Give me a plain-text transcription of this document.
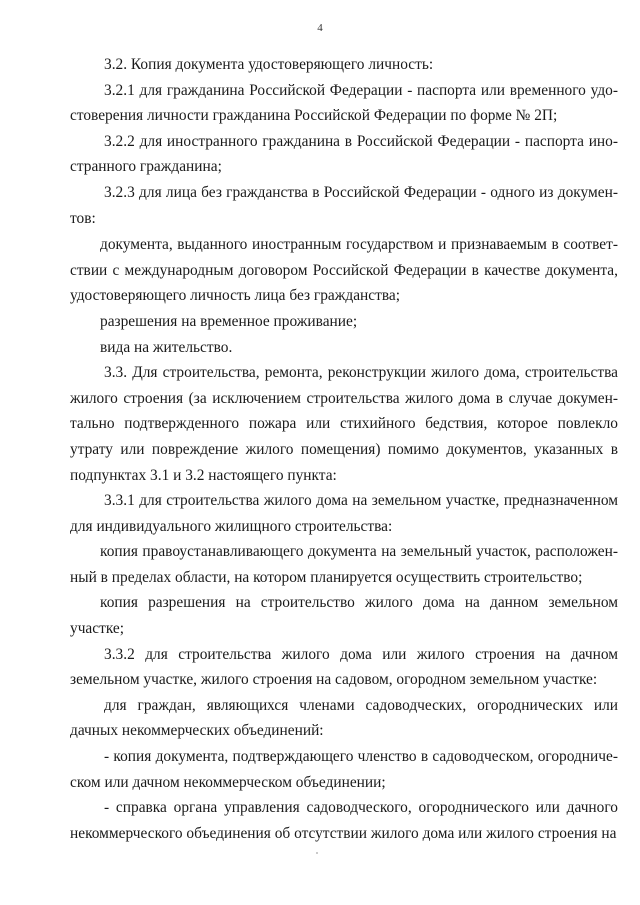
4

3.2. Копия документа удостоверяющего личность:

3.2.1 для гражданина Российской Федерации - паспорта или временного удостоверения личности гражданина Российской Федерации по форме № 2П;

3.2.2 для иностранного гражданина в Российской Федерации - паспорта иностранного гражданина;

3.2.3 для лица без гражданства в Российской Федерации - одного из документов:

документа, выданного иностранным государством и признаваемым в соответствии с международным договором Российской Федерации в качестве документа, удостоверяющего личность лица без гражданства;

разрешения на временное проживание;

вида на жительство.

3.3. Для строительства, ремонта, реконструкции жилого дома, строительства жилого строения (за исключением строительства жилого дома в случае документально подтвержденного пожара или стихийного бедствия, которое повлекло утрату или повреждение жилого помещения) помимо документов, указанных в подпунктах 3.1 и 3.2 настоящего пункта:

3.3.1 для строительства жилого дома на земельном участке, предназначенном для индивидуального жилищного строительства:

копия правоустанавливающего документа на земельный участок, расположенный в пределах области, на котором планируется осуществить строительство;

копия разрешения на строительство жилого дома на данном земельном участке;

3.3.2 для строительства жилого дома или жилого строения на дачном земельном участке, жилого строения на садовом, огородном земельном участке:

для граждан, являющихся членами садоводческих, огороднических или дачных некоммерческих объединений:

- копия документа, подтверждающего членство в садоводческом, огородническом или дачном некоммерческом объединении;

- справка органа управления садоводческого, огороднического или дачного некоммерческого объединения об отсутствии жилого дома или жилого строения на
